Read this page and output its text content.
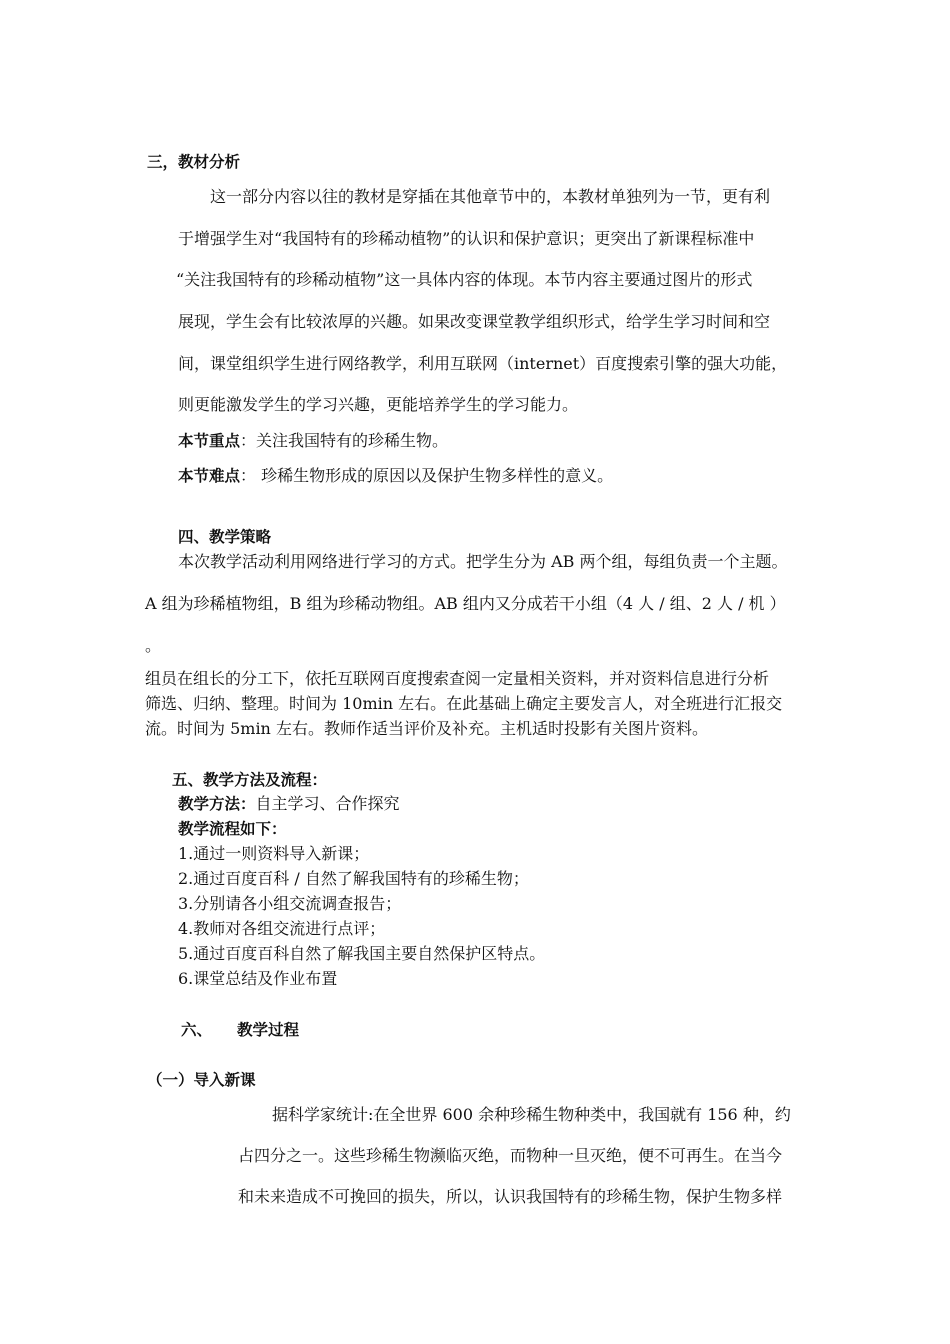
三，教材分析
这一部分内容以往的教材是穿插在其他章节中的，本教材单独列为一节，更有利
于增强学生对“我国特有的珍稀动植物”的认识和保护意识；更突出了新课程标准中
“关注我国特有的珍稀动植物”这一具体内容的体现。本节内容主要通过图片的形式
展现，学生会有比较浓厚的兴趣。如果改变课堂教学组织形式，给学生学习时间和空
间，课堂组织学生进行网络教学，利用互联网（internet）百度搜索引擎的强大功能，
则更能激发学生的学习兴趣，更能培养学生的学习能力。
本节重点：关注我国特有的珍稀生物。
本节难点： 珍稀生物形成的原因以及保护生物多样性的意义。
四、教学策略
本次教学活动利用网络进行学习的方式。把学生分为 AB 两个组，每组负责一个主题。
A 组为珍稀植物组，B 组为珍稀动物组。AB 组内又分成若干小组（4 人 / 组、2 人 / 机 ）
。
组员在组长的分工下，依托互联网百度搜索查阅一定量相关资料，并对资料信息进行分析
筛选、归纳、整理。时间为 10min 左右。在此基础上确定主要发言人，对全班进行汇报交
流。时间为 5min 左右。教师作适当评价及补充。主机适时投影有关图片资料。
五、教学方法及流程：
教学方法：自主学习、合作探究
教学流程如下：
1.通过一则资料导入新课；
2.通过百度百科 / 自然了解我国特有的珍稀生物；
3.分别请各小组交流调查报告；
4.教师对各组交流进行点评；
5.通过百度百科自然了解我国主要自然保护区特点。
6.课堂总结及作业布置
六、 教学过程
（一）导入新课
据科学家统计:在全世界 600 余种珍稀生物种类中，我国就有 156 种，约
占四分之一。这些珍稀生物濒临灭绝，而物种一旦灭绝，便不可再生。在当今
和未来造成不可挽回的损失，所以，认识我国特有的珍稀生物，保护生物多样
